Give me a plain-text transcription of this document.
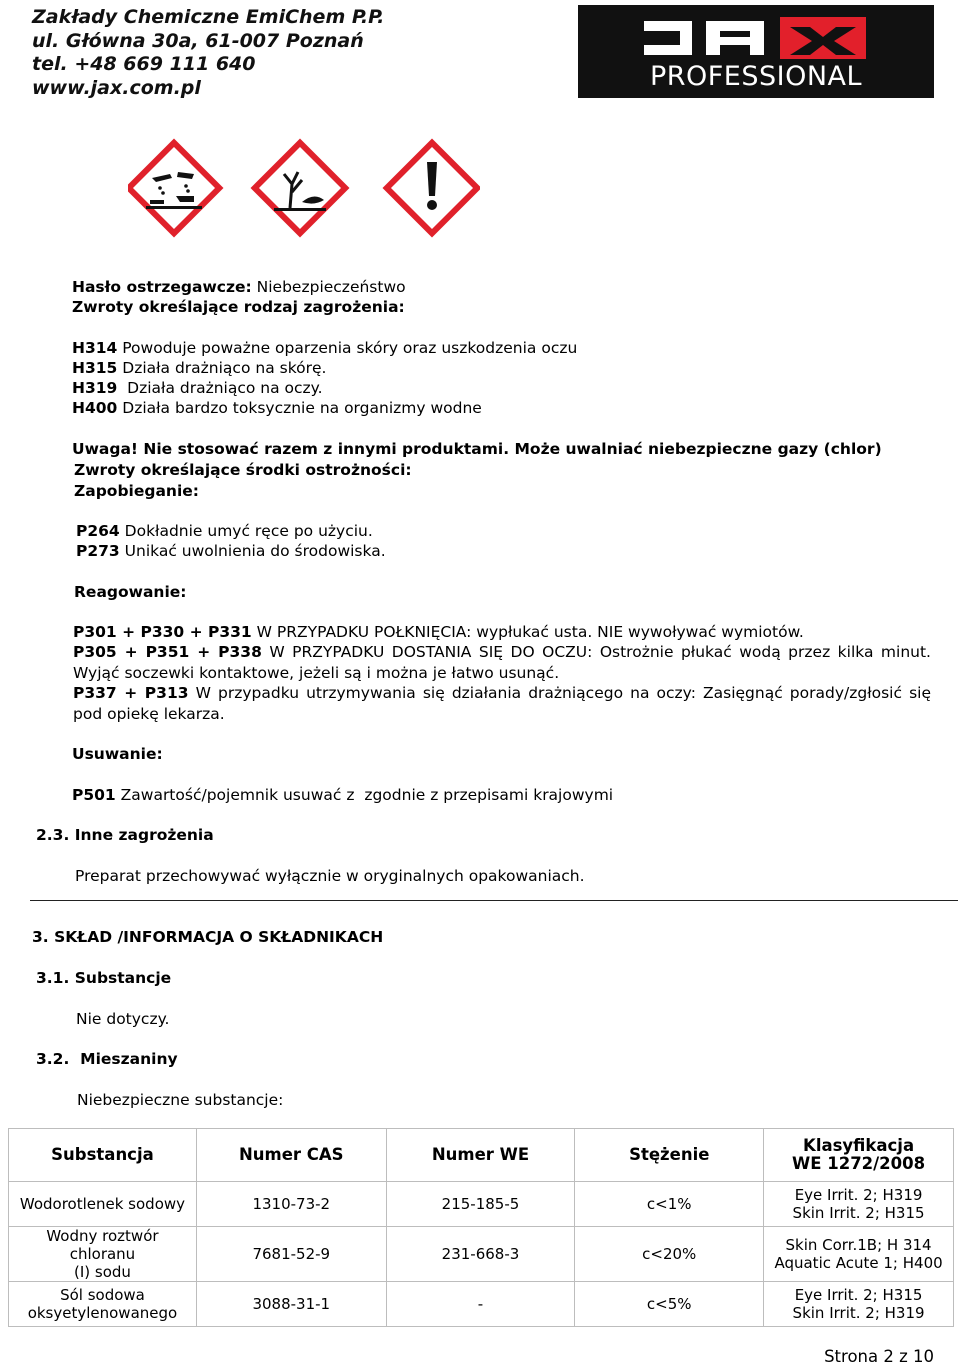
Zakłady Chemiczne EmiChem P.P.
ul. Główna 30a, 61-007 Poznań
tel. +48 669 111 640
www.jax.com.pl	PROFESSIONAL
Hasło ostrzegawcze: Niebezpieczeństwo
Zwroty określające rodzaj zagrożenia:
H314 Powoduje poważne oparzenia skóry oraz uszkodzenia oczu
H315 Działa drażniąco na skórę.
H319  Działa drażniąco na oczy.
H400 Działa bardzo toksycznie na organizmy wodne
Uwaga! Nie stosować razem z innymi produktami. Może uwalniać niebezpieczne gazy (chlor)
Zwroty określające środki ostrożności:
Zapobieganie:
P264 Dokładnie umyć ręce po użyciu.
P273 Unikać uwolnienia do środowiska.
Reagowanie:
P301 + P330 + P331 W PRZYPADKU POŁKNIĘCIA: wypłukać usta. NIE wywoływać wymiotów.
P305 + P351 + P338 W PRZYPADKU DOSTANIA SIĘ DO OCZU: Ostrożnie płukać wodą przez kilka minut. Wyjąć soczewki kontaktowe, jeżeli są i można je łatwo usunąć.
P337 + P313 W przypadku utrzymywania się działania drażniącego na oczy: Zasięgnąć porady/zgłosić się pod opiekę lekarza.
Usuwanie:
P501 Zawartość/pojemnik usuwać z  zgodnie z przepisami krajowymi
2.3. Inne zagrożenia
Preparat przechowywać wyłącznie w oryginalnych opakowaniach.
3. SKŁAD /INFORMACJA O SKŁADNIKACH
3.1. Substancje
Nie dotyczy.
3.2.  Mieszaniny
Niebezpieczne substancje:
Substancja	Numer CAS	Numer WE	Stężenie	Klasyfikacja
WE 1272/2008
Wodorotlenek sodowy	1310-73-2	215-185-5	c<1%	Eye Irrit. 2; H319
Skin Irrit. 2; H315
Wodny roztwór chloranu
(I) sodu	7681-52-9	231-668-3	c<20%	Skin Corr.1B; H 314
Aquatic Acute 1; H400
Sól sodowa
oksyetylenowanego	3088-31-1	-	c<5%	Eye Irrit. 2; H315
Skin Irrit. 2; H319
Strona 2 z 10
